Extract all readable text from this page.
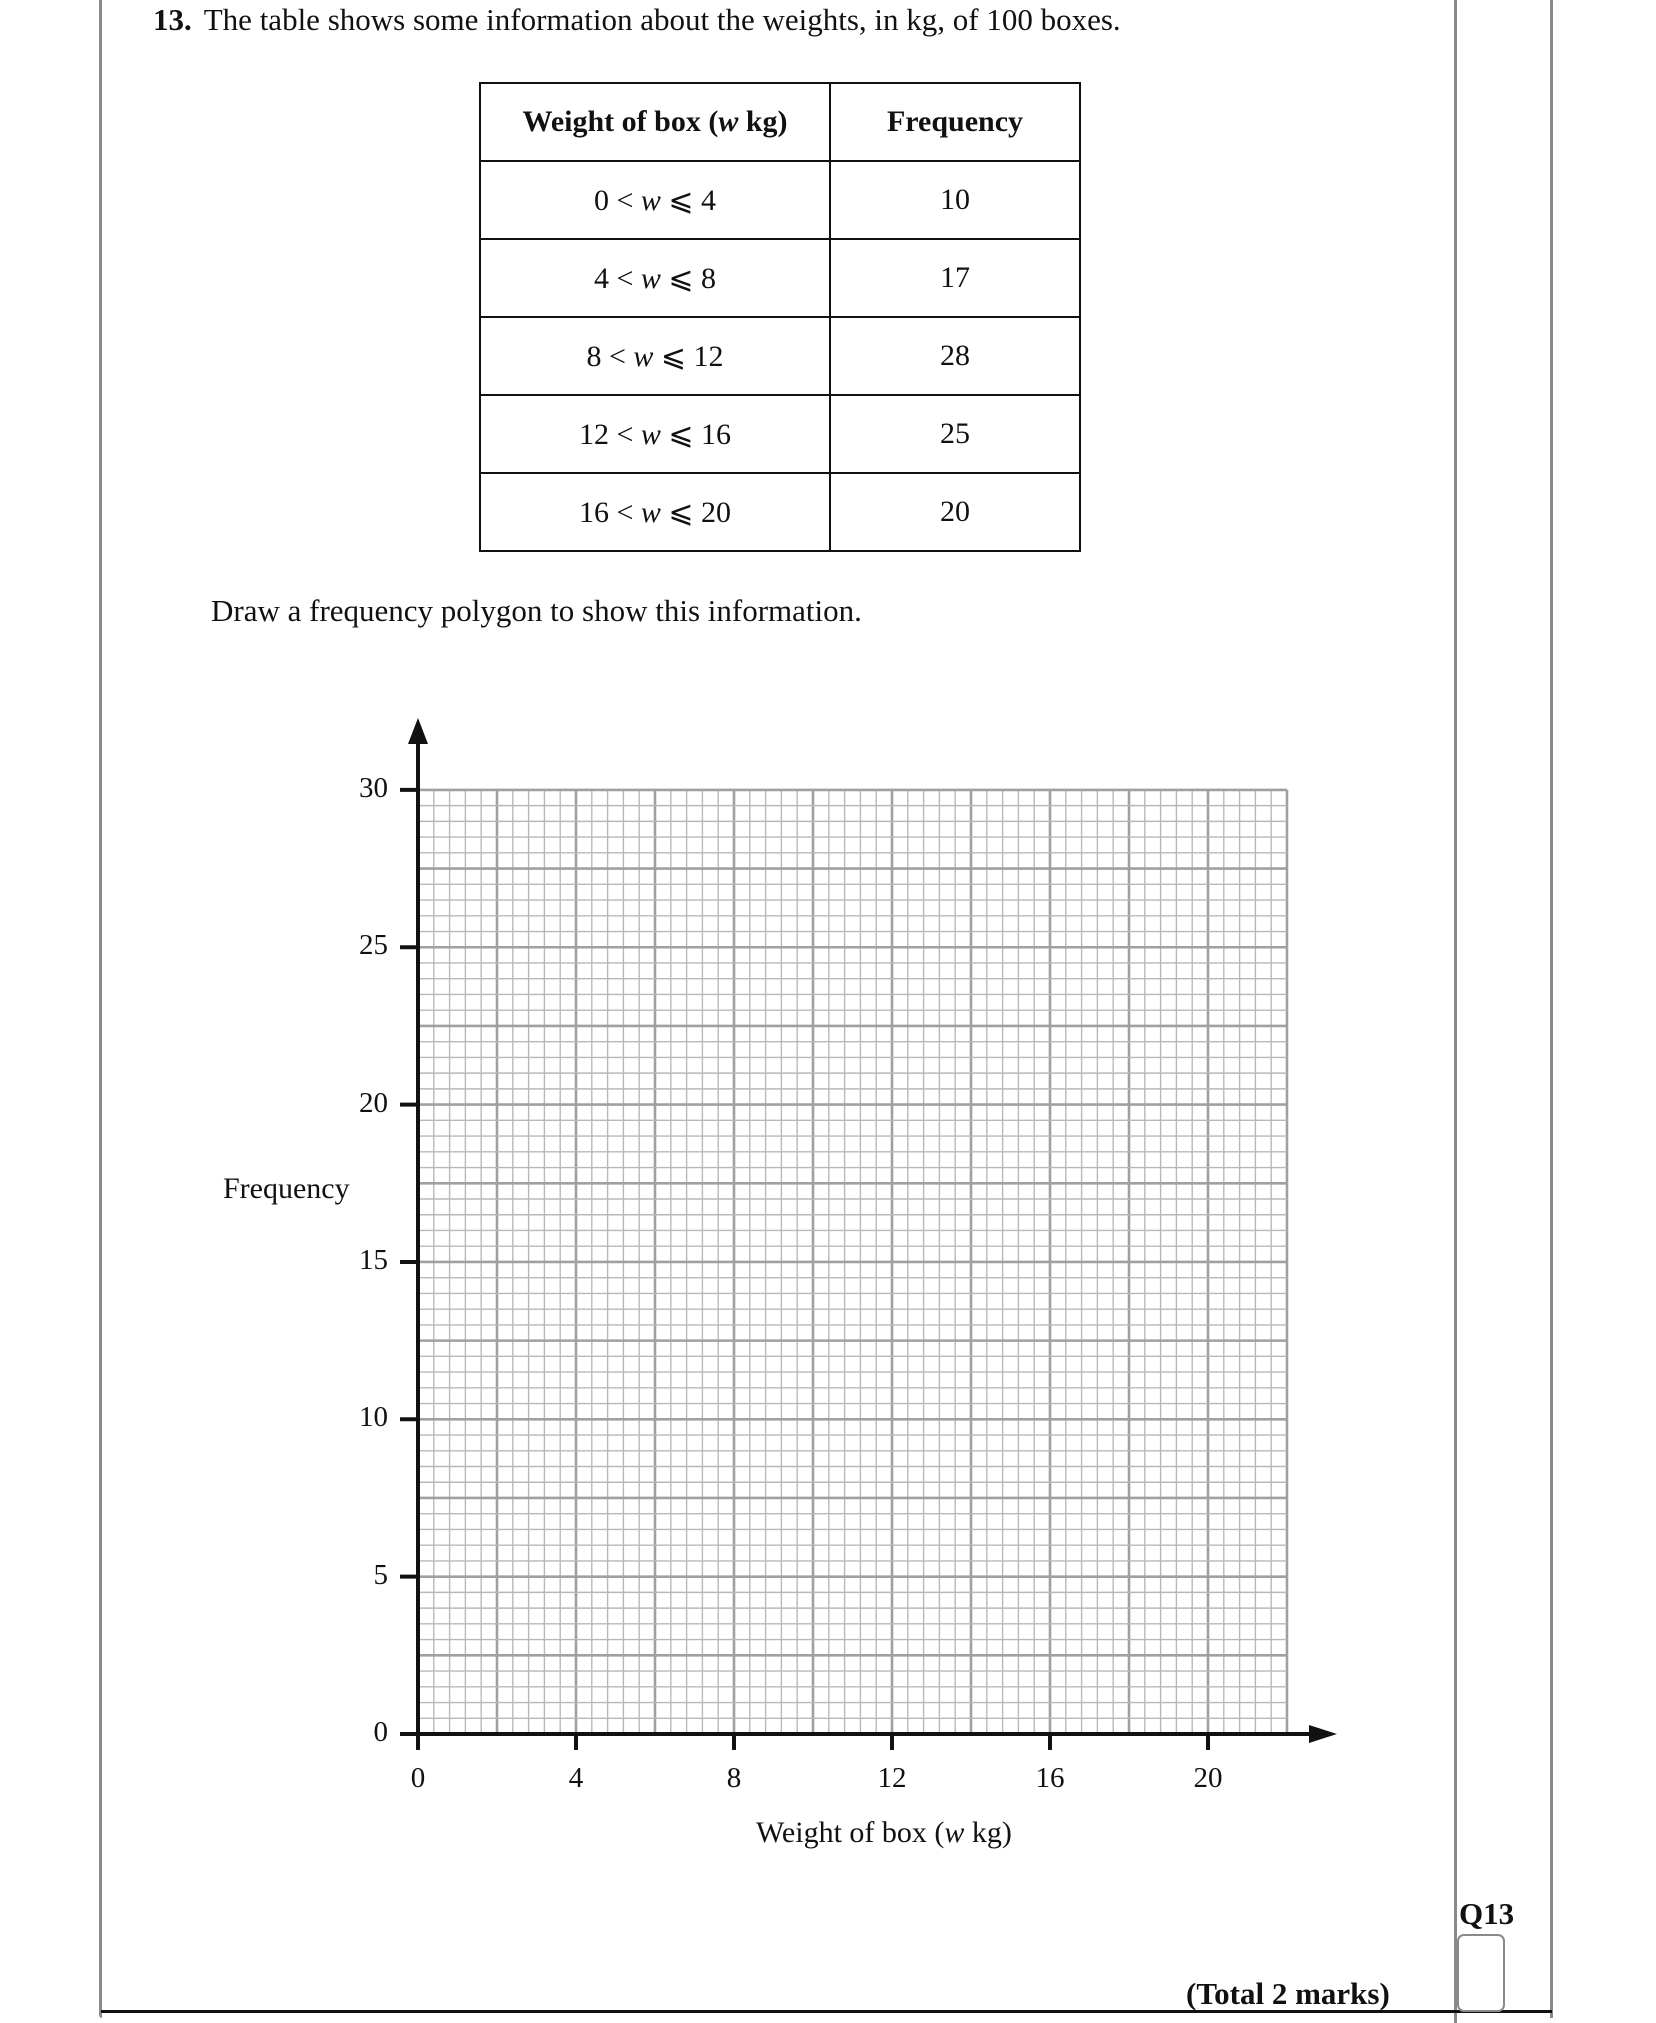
13. The table shows some information about the weights, in kg, of 100 boxes.
Weight of box (w kg)	Frequency
0 < w ⩽ 4	10
4 < w ⩽ 8	17
8 < w ⩽ 12	28
12 < w ⩽ 16	25
16 < w ⩽ 20	20
Draw a frequency polygon to show this information.
0
5
10
15
20
25
30
0	4	8	12	16	20
Frequency
Weight of box (w kg)
Q13
(Total 2 marks)
